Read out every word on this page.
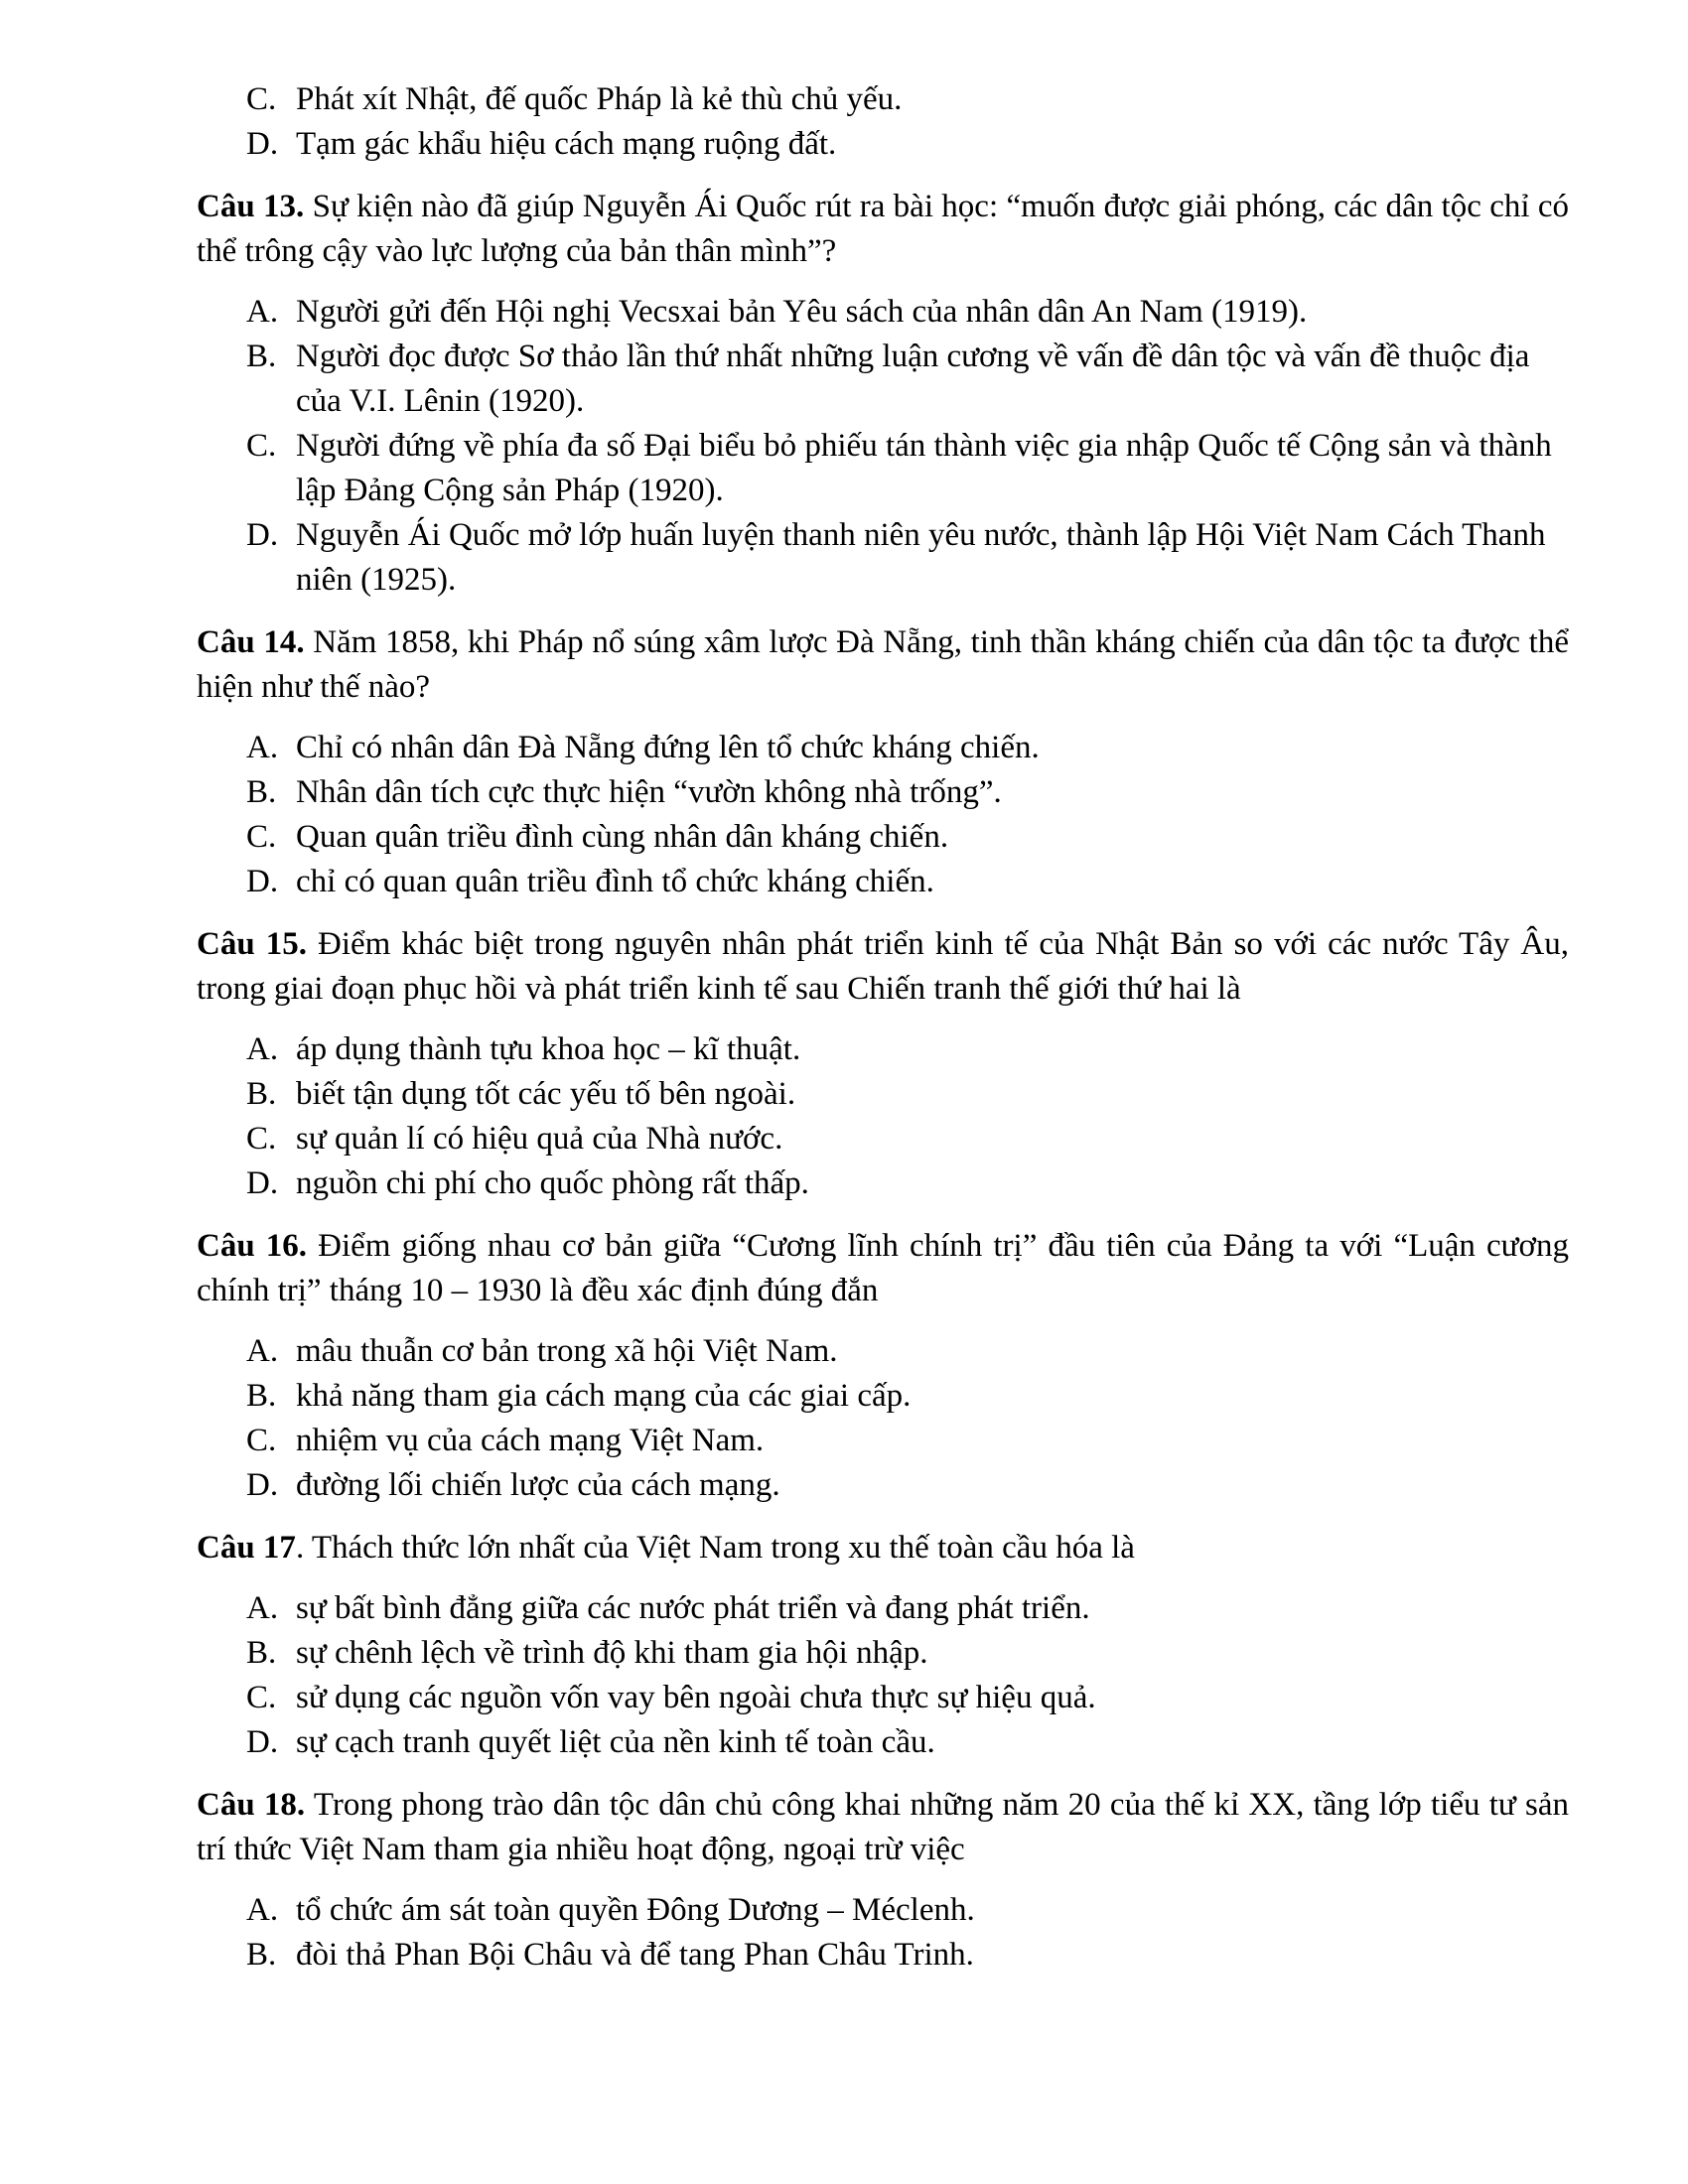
C. Phát xít Nhật, đế quốc Pháp là kẻ thù chủ yếu.
D. Tạm gác khẩu hiệu cách mạng ruộng đất.
Câu 13. Sự kiện nào đã giúp Nguyễn Ái Quốc rút ra bài học: “muốn được giải phóng, các dân tộc chỉ có thể trông cậy vào lực lượng của bản thân mình”?
A. Người gửi đến Hội nghị Vecsxai bản Yêu sách của nhân dân An Nam (1919).
B. Người đọc được Sơ thảo lần thứ nhất những luận cương về vấn đề dân tộc và vấn đề thuộc địa của V.I. Lênin (1920).
C. Người đứng về phía đa số Đại biểu bỏ phiếu tán thành việc gia nhập Quốc tế Cộng sản và thành lập Đảng Cộng sản Pháp (1920).
D. Nguyễn Ái Quốc mở lớp huấn luyện thanh niên yêu nước, thành lập Hội Việt Nam Cách Thanh niên (1925).
Câu 14. Năm 1858, khi Pháp nổ súng xâm lược Đà Nẵng, tinh thần kháng chiến của dân tộc ta được thể hiện như thế nào?
A. Chỉ có nhân dân Đà Nẵng đứng lên tổ chức kháng chiến.
B. Nhân dân tích cực thực hiện “vườn không nhà trống”.
C. Quan quân triều đình cùng nhân dân kháng chiến.
D. chỉ có quan quân triều đình tổ chức kháng chiến.
Câu 15. Điểm khác biệt trong nguyên nhân phát triển kinh tế của Nhật Bản so với các nước Tây Âu, trong giai đoạn phục hồi và phát triển kinh tế sau Chiến tranh thế giới thứ hai là
A. áp dụng thành tựu khoa học – kĩ thuật.
B. biết tận dụng tốt các yếu tố bên ngoài.
C. sự quản lí có hiệu quả của Nhà nước.
D. nguồn chi phí cho quốc phòng rất thấp.
Câu 16. Điểm giống nhau cơ bản giữa “Cương lĩnh chính trị” đầu tiên của Đảng ta với “Luận cương chính trị” tháng 10 – 1930 là đều xác định đúng đắn
A. mâu thuẫn cơ bản trong xã hội Việt Nam.
B. khả năng tham gia cách mạng của các giai cấp.
C. nhiệm vụ của cách mạng Việt Nam.
D. đường lối chiến lược của cách mạng.
Câu 17. Thách thức lớn nhất của Việt Nam trong xu thế toàn cầu hóa là
A. sự bất bình đẳng giữa các nước phát triển và đang phát triển.
B. sự chênh lệch về trình độ khi tham gia hội nhập.
C. sử dụng các nguồn vốn vay bên ngoài chưa thực sự hiệu quả.
D. sự cạch tranh quyết liệt của nền kinh tế toàn cầu.
Câu 18. Trong phong trào dân tộc dân chủ công khai những năm 20 của thế kỉ XX, tầng lớp tiểu tư sản trí thức Việt Nam tham gia nhiều hoạt động, ngoại trừ việc
A. tổ chức ám sát toàn quyền Đông Dương – Méclenh.
B. đòi thả Phan Bội Châu và để tang Phan Châu Trinh.
